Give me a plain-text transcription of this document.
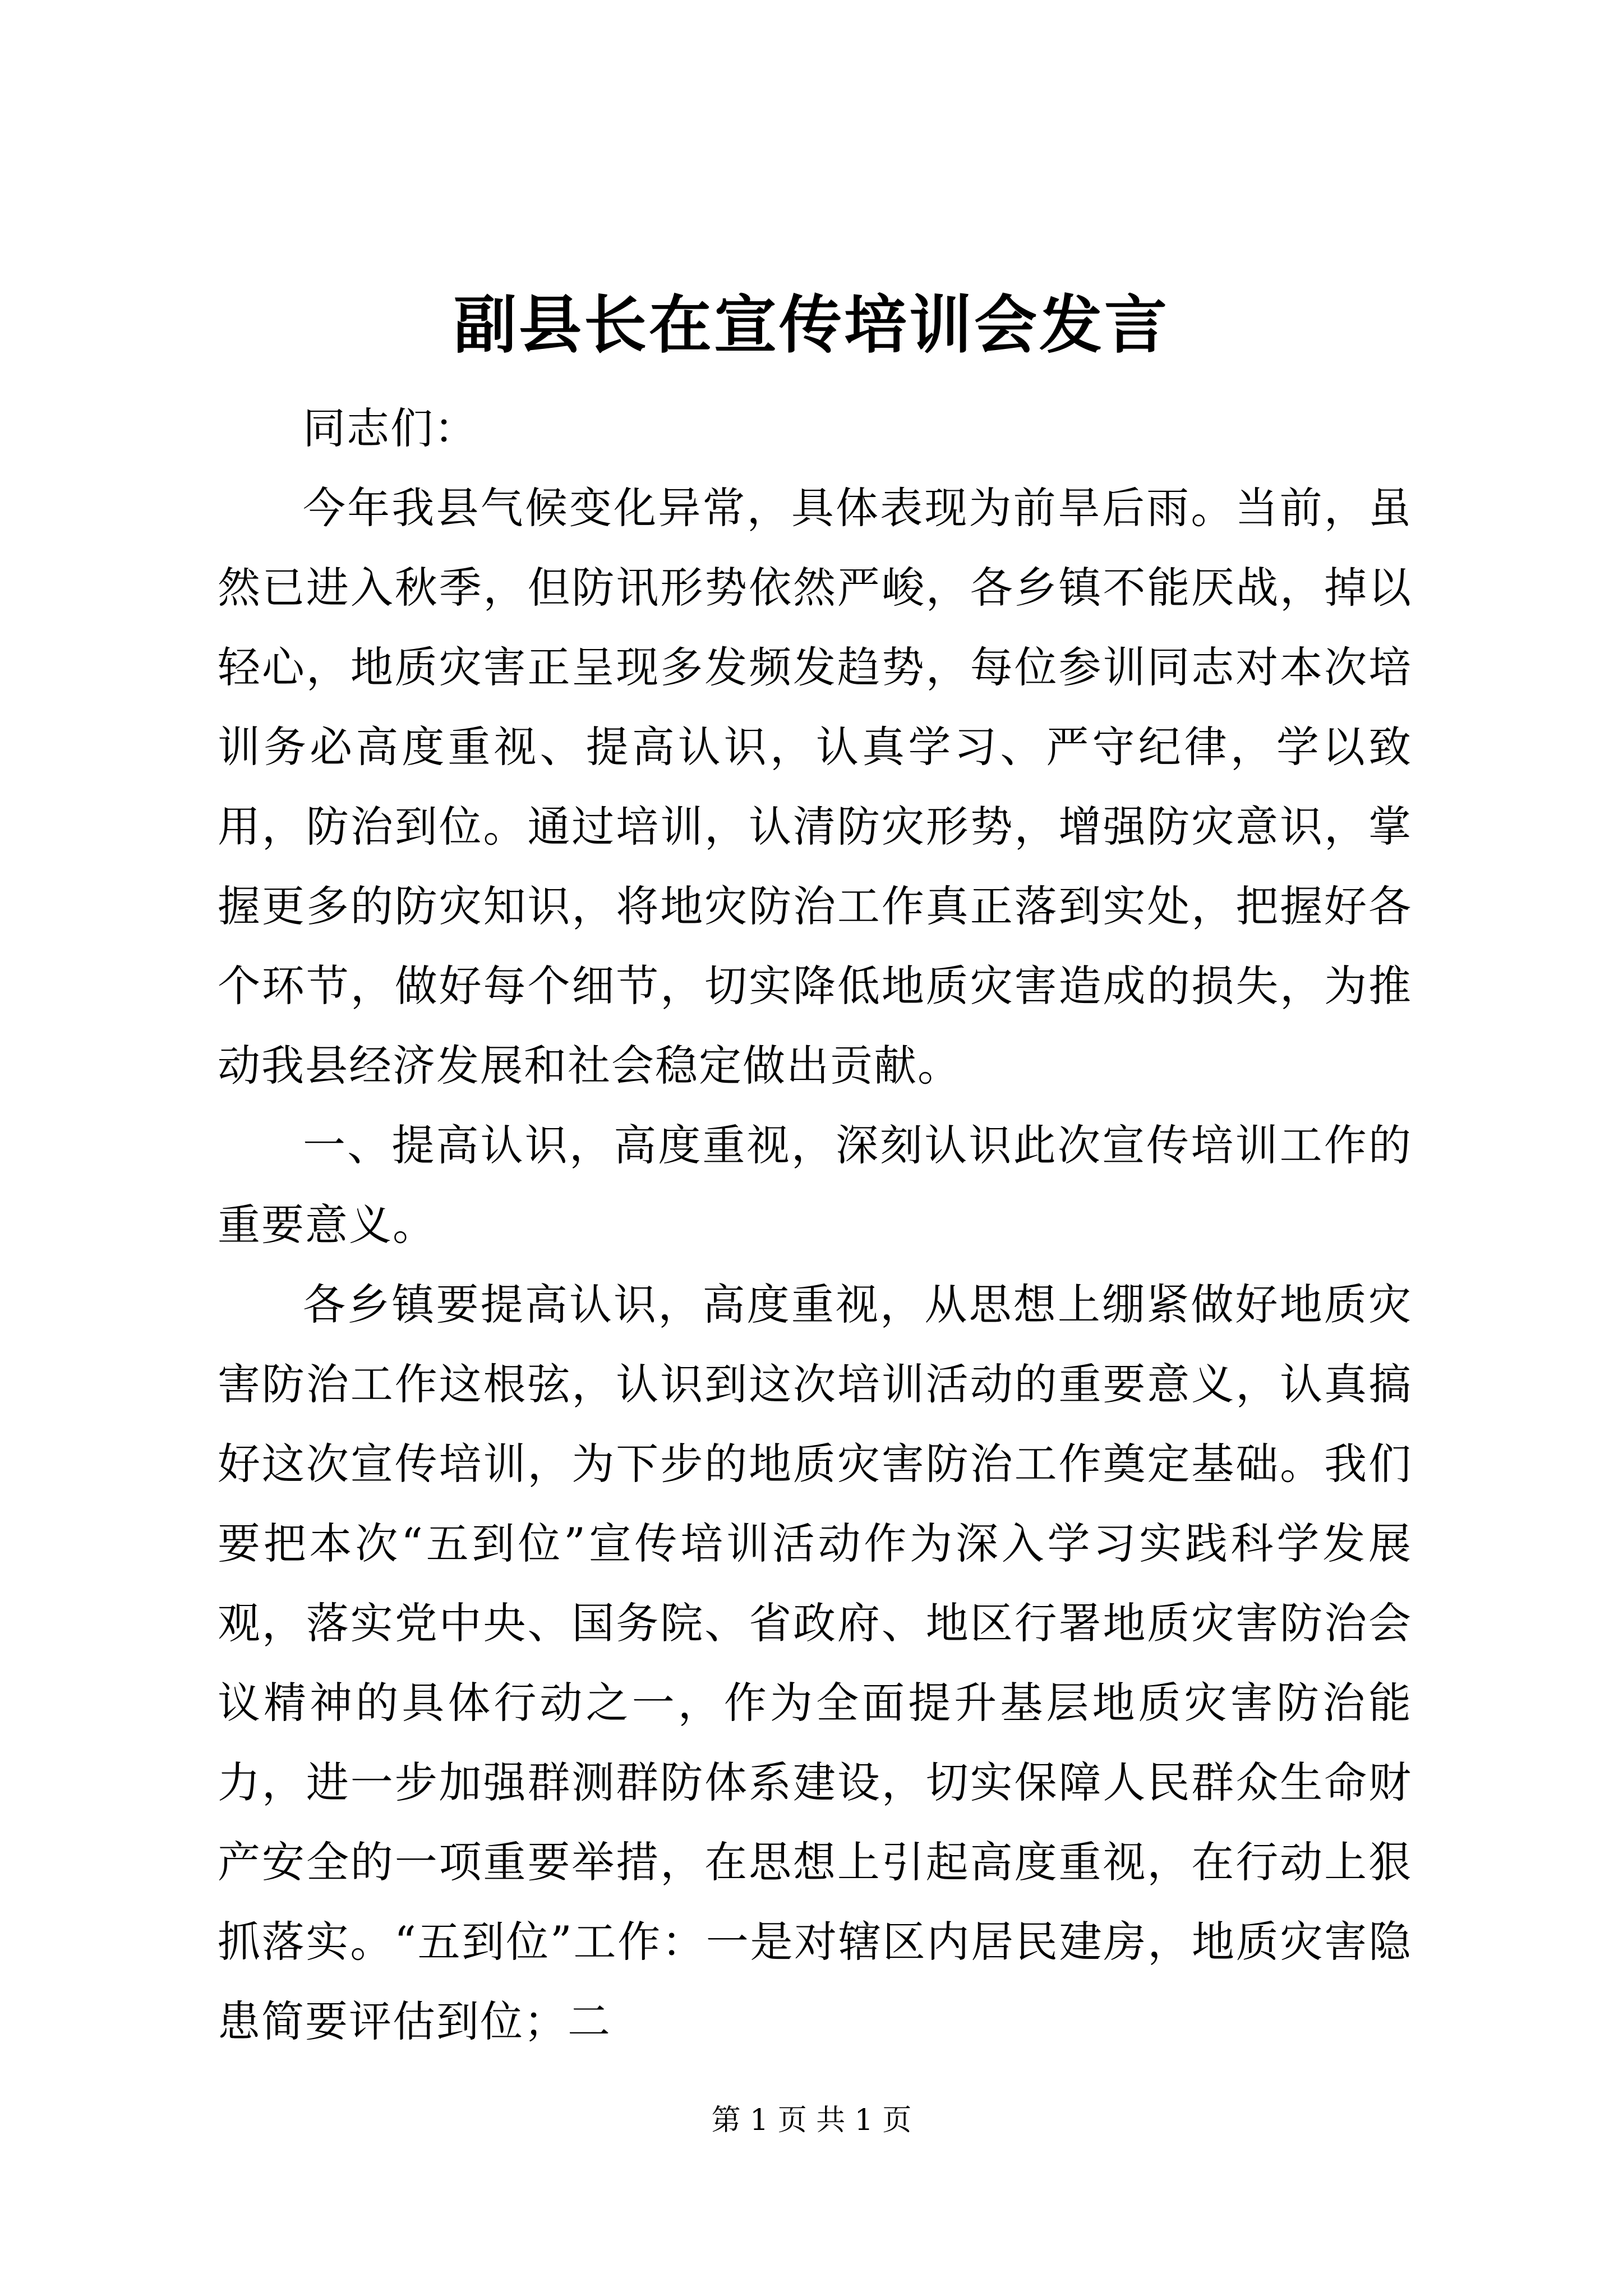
副县长在宣传培训会发言

同志们：

今年我县气候变化异常，具体表现为前旱后雨。当前，虽然已进入秋季，但防讯形势依然严峻，各乡镇不能厌战，掉以轻心，地质灾害正呈现多发频发趋势，每位参训同志对本次培训务必高度重视、提高认识，认真学习、严守纪律，学以致用，防治到位。通过培训，认清防灾形势，增强防灾意识，掌握更多的防灾知识，将地灾防治工作真正落到实处，把握好各个环节，做好每个细节，切实降低地质灾害造成的损失，为推动我县经济发展和社会稳定做出贡献。

一、提高认识，高度重视，深刻认识此次宣传培训工作的重要意义。

各乡镇要提高认识，高度重视，从思想上绷紧做好地质灾害防治工作这根弦，认识到这次培训活动的重要意义，认真搞好这次宣传培训，为下步的地质灾害防治工作奠定基础。我们要把本次“五到位”宣传培训活动作为深入学习实践科学发展观，落实党中央、国务院、省政府、地区行署地质灾害防治会议精神的具体行动之一，作为全面提升基层地质灾害防治能力，进一步加强群测群防体系建设，切实保障人民群众生命财产安全的一项重要举措，在思想上引起高度重视，在行动上狠抓落实。“五到位”工作：一是对辖区内居民建房，地质灾害隐患简要评估到位；二

第 1 页 共 1 页
